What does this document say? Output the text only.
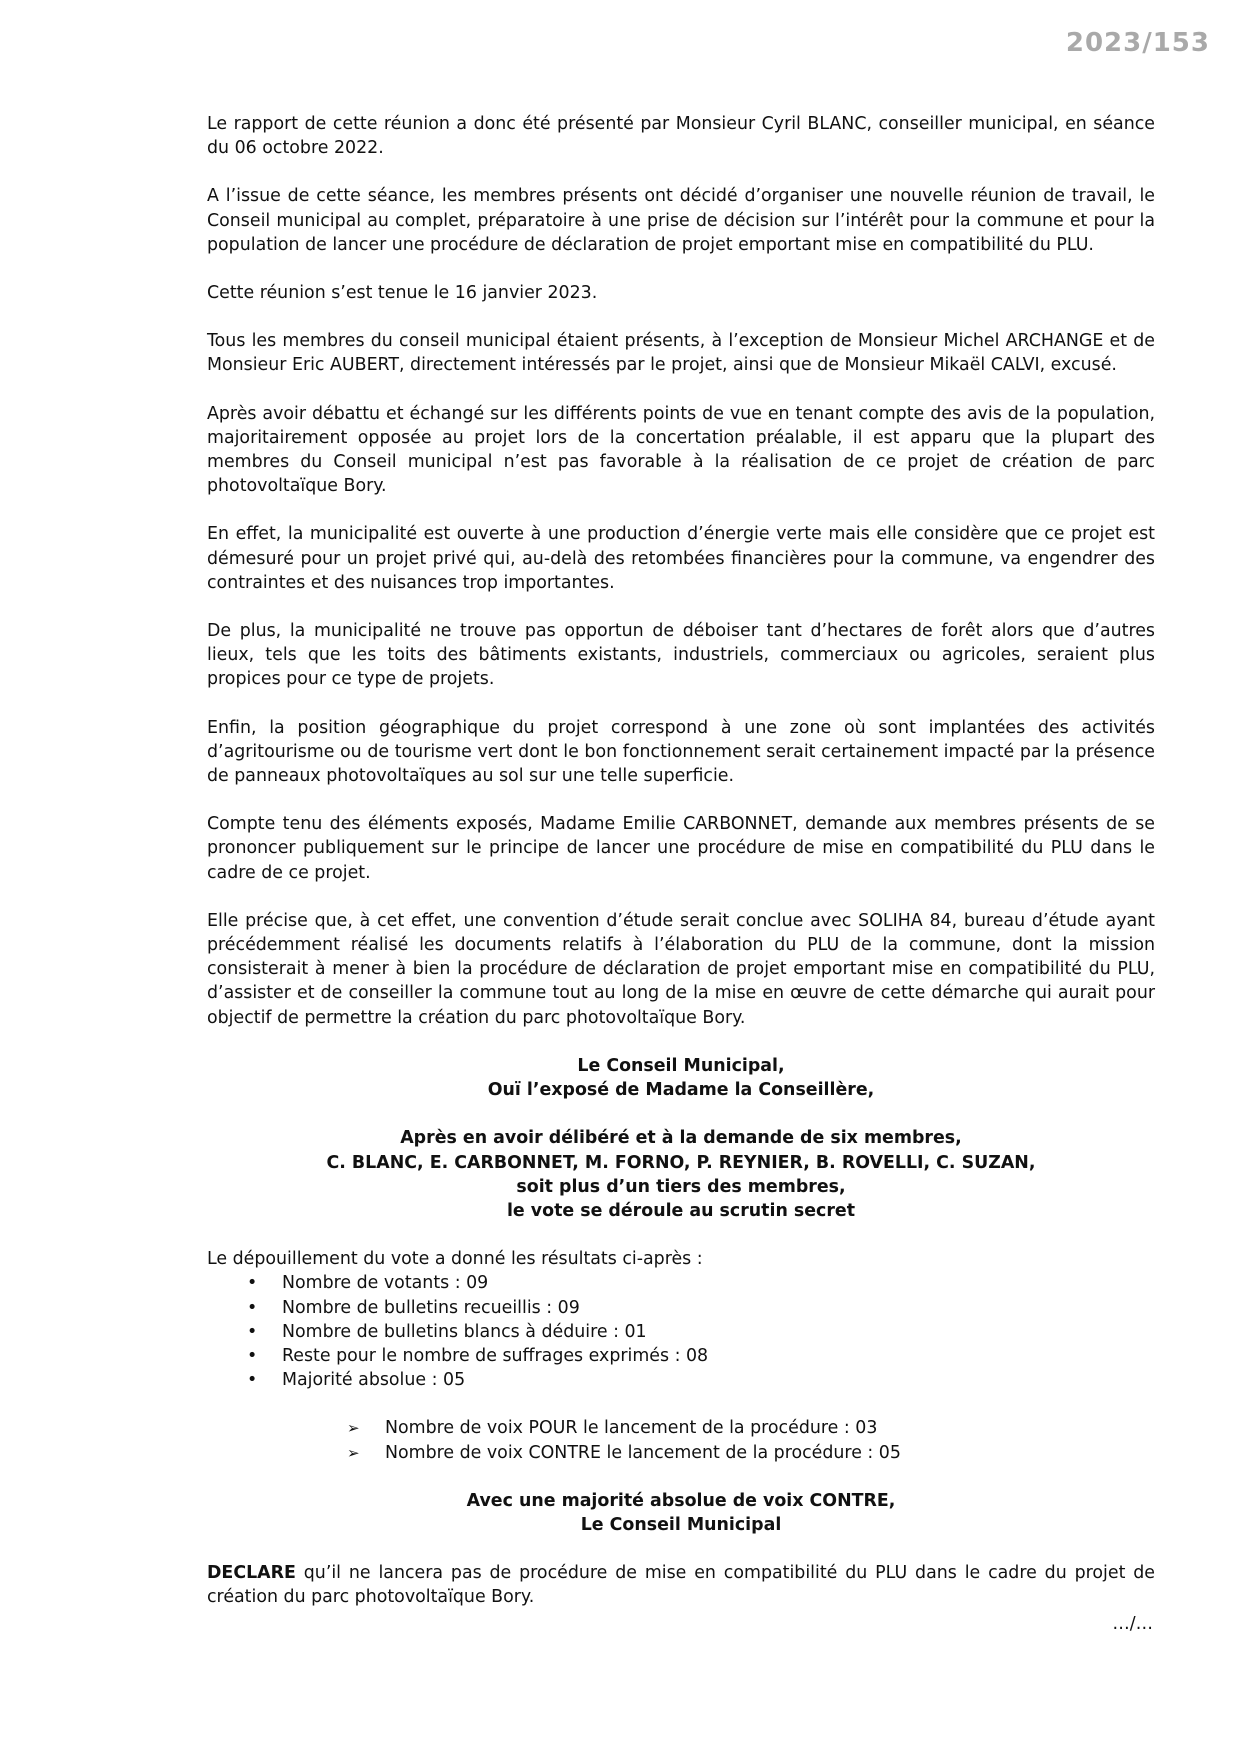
2023/153

Le rapport de cette réunion a donc été présenté par Monsieur Cyril BLANC, conseiller municipal, en séance du 06 octobre 2022.

A l’issue de cette séance, les membres présents ont décidé d’organiser une nouvelle réunion de travail, le Conseil municipal au complet, préparatoire à une prise de décision sur l’intérêt pour la commune et pour la population de lancer une procédure de déclaration de projet emportant mise en compatibilité du PLU.

Cette réunion s’est tenue le 16 janvier 2023.

Tous les membres du conseil municipal étaient présents, à l’exception de Monsieur Michel ARCHANGE et de Monsieur Eric AUBERT, directement intéressés par le projet, ainsi que de Monsieur Mikaël CALVI, excusé.

Après avoir débattu et échangé sur les différents points de vue en tenant compte des avis de la population, majoritairement opposée au projet lors de la concertation préalable, il est apparu que la plupart des membres du Conseil municipal n’est pas favorable à la réalisation de ce projet de création de parc photovoltaïque Bory.

En effet, la municipalité est ouverte à une production d’énergie verte mais elle considère que ce projet est démesuré pour un projet privé qui, au-delà des retombées financières pour la commune, va engendrer des contraintes et des nuisances trop importantes.

De plus, la municipalité ne trouve pas opportun de déboiser tant d’hectares de forêt alors que d’autres lieux, tels que les toits des bâtiments existants, industriels, commerciaux ou agricoles, seraient plus propices pour ce type de projets.

Enfin, la position géographique du projet correspond à une zone où sont implantées des activités d’agritourisme ou de tourisme vert dont le bon fonctionnement serait certainement impacté par la présence de panneaux photovoltaïques au sol sur une telle superficie.

Compte tenu des éléments exposés, Madame Emilie CARBONNET, demande aux membres présents de se prononcer publiquement sur le principe de lancer une procédure de mise en compatibilité du PLU dans le cadre de ce projet.

Elle précise que, à cet effet, une convention d’étude serait conclue avec SOLIHA 84, bureau d’étude ayant précédemment réalisé les documents relatifs à l’élaboration du PLU de la commune, dont la mission consisterait à mener à bien la procédure de déclaration de projet emportant mise en compatibilité du PLU, d’assister et de conseiller la commune tout au long de la mise en œuvre de cette démarche qui aurait pour objectif de permettre la création du parc photovoltaïque Bory.

Le Conseil Municipal,
Ouï l’exposé de Madame la Conseillère,
Après en avoir délibéré et à la demande de six membres,
C. BLANC, E. CARBONNET, M. FORNO, P. REYNIER, B. ROVELLI, C. SUZAN,
soit plus d’un tiers des membres,
le vote se déroule au scrutin secret
Le dépouillement du vote a donné les résultats ci-après :
• Nombre de votants : 09
• Nombre de bulletins recueillis : 09
• Nombre de bulletins blancs à déduire : 01
• Reste pour le nombre de suffrages exprimés : 08
• Majorité absolue : 05
➢ Nombre de voix POUR le lancement de la procédure : 03
➢ Nombre de voix CONTRE le lancement de la procédure : 05
Avec une majorité absolue de voix CONTRE,
Le Conseil Municipal

DECLARE qu’il ne lancera pas de procédure de mise en compatibilité du PLU dans le cadre du projet de création du parc photovoltaïque Bory.

…/…
